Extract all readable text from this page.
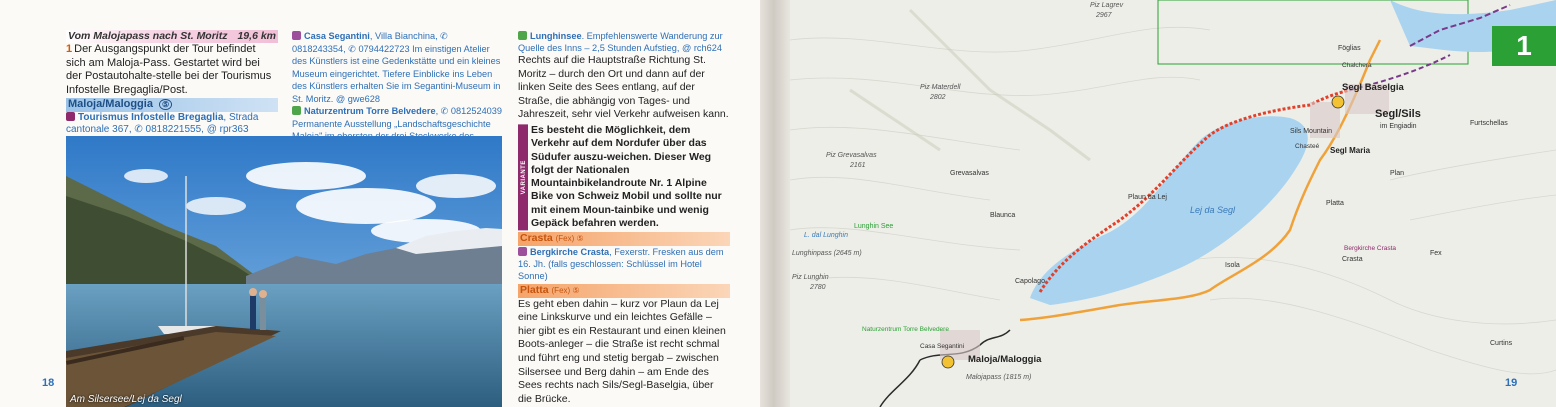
Vom Malojapass nach St. Moritz 19,6 km
1 Der Ausgangspunkt der Tour befindet sich am Maloja-Pass. Gestartet wird bei der Postautohalte-stelle bei der Tourismus Infostelle Bregaglia/Post.
Maloja/Maloggia ⑤
Tourismus Infostelle Bregaglia, Strada cantonale 367, ✆ 0818221555, @ rpr363

Casa Segantini, Villa Bianchina, ✆ 0818243354, ✆ 0794422723 Im einstigen Atelier des Künstlers ist eine Gedenkstätte und ein kleines Museum eingerichtet. Tiefere Einblicke ins Leben des Künstlers erhalten Sie im Segantini-Museum in St. Moritz. @ gwe628

Naturzentrum Torre Belvedere, ✆ 0812524039 Permanente Ausstellung „Landschaftsgeschichte

Lunghinsee. Empfehlenswerte Wanderung zur Quelle des Inns – 2,5 Stunden Aufstieg, @ rch624
Rechts auf die Hauptstraße Richtung St. Moritz – durch den Ort und dann auf der linken Seite des Sees entlang, auf der Straße, die abhängig von Tages- und Jahreszeit, sehr viel Verkehr aufweisen kann.
VARIANTE
Es besteht die Möglichkeit, dem Verkehr auf dem Nordufer über das Südufer auszu-weichen. Dieser Weg folgt der Nationalen Mountainbikelandroute Nr. 1 Alpine Bike von Schweiz Mobil und sollte nur mit einem Moun-tainbike und wenig Gepäck befahren werden.
Crasta (Fex) ⑤
Bergkirche Crasta, Fexerstr. Fresken aus dem 16. Jh. (falls geschlossen: Schlüssel im Hotel Sonne)
Platta (Fex) ⑤
Es geht eben dahin – kurz vor Plaun da Lej eine Linkskurve und ein leichtes Gefälle – hier gibt es ein Restaurant und einen kleinen Boots-anleger – die Straße ist recht schmal und führt eng und stetig bergab – zwischen Silsersee und Berg dahin – am Ende des Sees rechts nach Sils/Segl-Baselgia, über die Brücke.
Am Silsersee/Lej da Segl
18
1
Segl Baselgia
Segl/Sils
im Engiadin
Segl Maria
Sils Mountain
Lej da Segl
Maloja/Maloggia
Malojapass (1815 m)
Plaun da Lej
Piz Lagrev
Piz Materdell
Piz Grevasalvas
Piz Lunghin
Lunghinpass (2645 m)
Lunghin See
L. dal Lunghin
Grevasalvas
Blaunca
Capolago
Naturzentrum Torre Belvedere
Casa Segantini
Bergkirche Crasta
Crasta
Platta
Isola
Curtins
Chasteé
Plan
Fex
Furtschellas
Föglias
Chalchera
2967
2802
2780
2161
19
